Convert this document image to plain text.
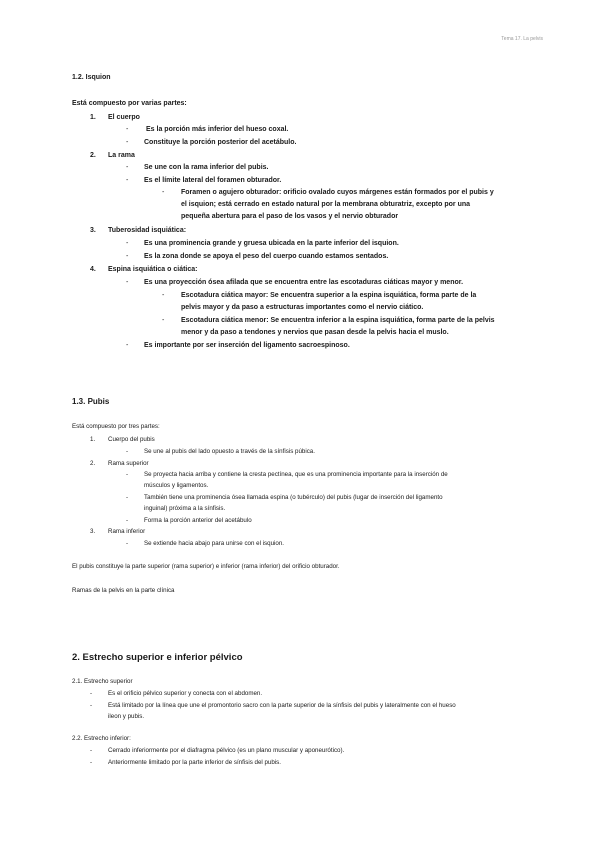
Tema 17. La pelvis
1.2. Isquion
Está compuesto por varias partes:
1.	El cuerpo
-	Es la porción más inferior del hueso coxal.
- Constituye la porción posterior del acetábulo.
2.	La rama
- Se une con la rama inferior del pubis.
- Es el límite lateral del foramen obturador.
- Foramen o agujero obturador: orificio ovalado cuyos márgenes están formados por el pubis y
el isquion; está cerrado en estado natural por la membrana obturatriz, excepto por una
pequeña abertura para el paso de los vasos y el nervio obturador
3.	Tuberosidad isquiática:
- Es una prominencia grande y gruesa ubicada en la parte inferior del isquion.
- Es la zona donde se apoya el peso del cuerpo cuando estamos sentados.
4.	Espina isquiática o ciática:
- Es una proyección ósea afilada que se encuentra entre las escotaduras ciáticas mayor y menor.
- Escotadura ciática mayor: Se encuentra superior a la espina isquiática, forma parte de la
pelvis mayor y da paso a estructuras importantes como el nervio ciático.
- Escotadura ciática menor: Se encuentra inferior a la espina isquiática, forma parte de la pelvis
menor y da paso a tendones y nervios que pasan desde la pelvis hacia el muslo.
- Es importante por ser inserción del ligamento sacroespinoso.
1.3. Pubis
Está compuesto por tres partes:
1.	Cuerpo del pubis
-	Se une al pubis del lado opuesto a través de la sínfisis púbica.
2.	Rama superior
-	Se proyecta hacia arriba y contiene la cresta pectínea, que es una prominencia importante para la inserción de
músculos y ligamentos.
-	También tiene una prominencia ósea llamada espina (o tubérculo) del pubis (lugar de inserción del ligamento
inguinal) próxima a la sínfisis.
-	Forma la porción anterior del acetábulo
3.	Rama inferior
-	Se extiende hacia abajo para unirse con el isquion.
El pubis constituye la parte superior (rama superior) e inferior (rama inferior) del orificio obturador.
Ramas de la pelvis en la parte clínica
2. Estrecho superior e inferior pélvico
2.1. Estrecho superior
-	Es el orificio pélvico superior y conecta con el abdomen.
-	Está limitado por la línea que une el promontorio sacro con la parte superior de la sínfisis del pubis y lateralmente con el hueso
ileon y pubis.
2.2. Estrecho inferior:
-	Cerrado inferiormente por el diafragma pélvico (es un plano muscular y aponeurótico).
-	Anteriormente limitado por la parte inferior de sínfisis del pubis.
